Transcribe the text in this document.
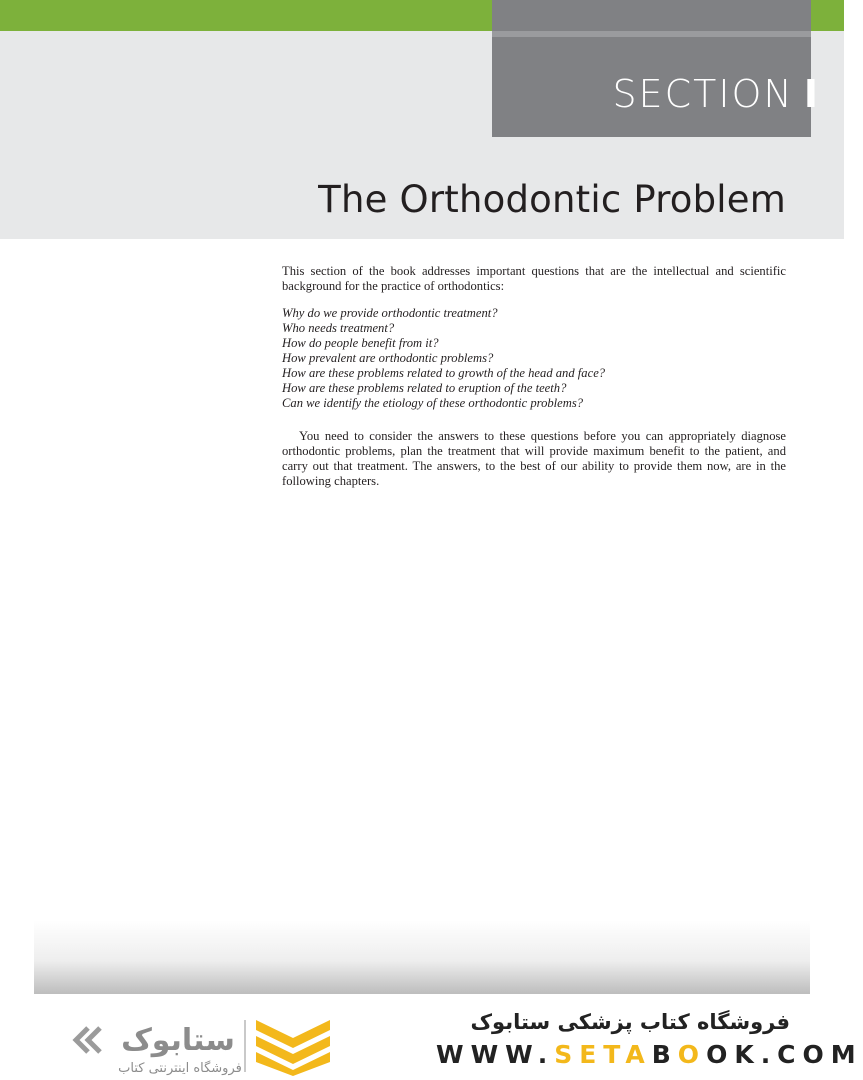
SECTION I
The Orthodontic Problem

This section of the book addresses important questions that are the intellectual and scientific background for the practice of orthodontics:

Why do we provide orthodontic treatment?
Who needs treatment?
How do people benefit from it?
How prevalent are orthodontic problems?
How are these problems related to growth of the head and face?
How are these problems related to eruption of the teeth?
Can we identify the etiology of these orthodontic problems?

You need to consider the answers to these questions before you can appropriately diagnose orthodontic problems, plan the treatment that will provide maximum benefit to the patient, and carry out that treatment. The answers, to the best of our ability to provide them now, are in the following chapters.

ستابوک
فروشگاه اینترنتی کتاب
فروشگاه کتاب پزشکی ستابوک
WWW.SETABOOK.COM
